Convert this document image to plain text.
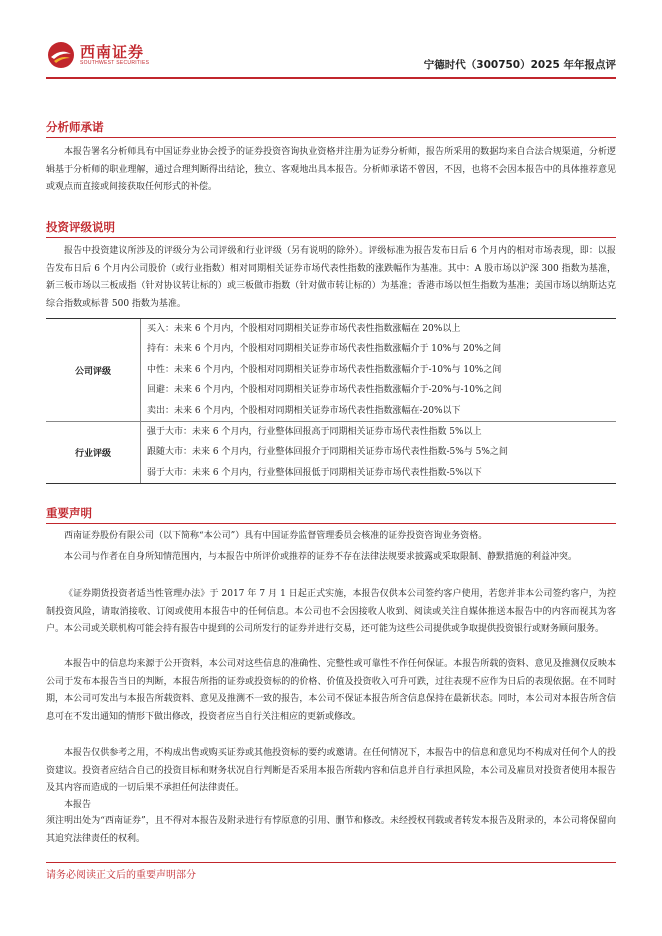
西南证券
SOUTHWEST SECURITIES	宁德时代（300750）2025 年年报点评
分析师承诺

本报告署名分析师具有中国证券业协会授予的证券投资咨询执业资格并注册为证券分析师，报告所采用的数据均来自合法合规渠道，分析逻辑基于分析师的职业理解，通过合理判断得出结论，独立、客观地出具本报告。分析师承诺不曾因，不因，也将不会因本报告中的具体推荐意见或观点而直接或间接获取任何形式的补偿。

投资评级说明

报告中投资建议所涉及的评级分为公司评级和行业评级（另有说明的除外）。评级标准为报告发布日后 6 个月内的相对市场表现，即：以报告发布日后 6 个月内公司股价（或行业指数）相对同期相关证券市场代表性指数的涨跌幅作为基准。其中：A 股市场以沪深 300 指数为基准，新三板市场以三板成指（针对协议转让标的）或三板做市指数（针对做市转让标的）为基准；香港市场以恒生指数为基准；美国市场以纳斯达克综合指数或标普 500 指数为基准。

公司评级
买入：未来 6 个月内，个股相对同期相关证券市场代表性指数涨幅在 20%以上
持有：未来 6 个月内，个股相对同期相关证券市场代表性指数涨幅介于 10%与 20%之间
中性：未来 6 个月内，个股相对同期相关证券市场代表性指数涨幅介于-10%与 10%之间
回避：未来 6 个月内，个股相对同期相关证券市场代表性指数涨幅介于-20%与-10%之间
卖出：未来 6 个月内，个股相对同期相关证券市场代表性指数涨幅在-20%以下
行业评级
强于大市：未来 6 个月内，行业整体回报高于同期相关证券市场代表性指数 5%以上
跟随大市：未来 6 个月内，行业整体回报介于同期相关证券市场代表性指数-5%与 5%之间
弱于大市：未来 6 个月内，行业整体回报低于同期相关证券市场代表性指数-5%以下
重要声明

西南证券股份有限公司（以下简称“本公司”）具有中国证券监督管理委员会核准的证券投资咨询业务资格。

本公司与作者在自身所知情范围内，与本报告中所评价或推荐的证券不存在法律法规要求披露或采取限制、静默措施的利益冲突。

《证券期货投资者适当性管理办法》于 2017 年 7 月 1 日起正式实施，本报告仅供本公司签约客户使用，若您并非本公司签约客户，为控制投资风险，请取消接收、订阅或使用本报告中的任何信息。本公司也不会因接收人收到、阅读或关注自媒体推送本报告中的内容而视其为客户。本公司或关联机构可能会持有报告中提到的公司所发行的证券并进行交易，还可能为这些公司提供或争取提供投资银行或财务顾问服务。

本报告中的信息均来源于公开资料，本公司对这些信息的准确性、完整性或可靠性不作任何保证。本报告所载的资料、意见及推测仅反映本公司于发布本报告当日的判断，本报告所指的证券或投资标的的价格、价值及投资收入可升可跌，过往表现不应作为日后的表现依据。在不同时期，本公司可发出与本报告所载资料、意见及推测不一致的报告，本公司不保证本报告所含信息保持在最新状态。同时，本公司对本报告所含信息可在不发出通知的情形下做出修改，投资者应当自行关注相应的更新或修改。

本报告仅供参考之用，不构成出售或购买证券或其他投资标的要约或邀请。在任何情况下，本报告中的信息和意见均不构成对任何个人的投资建议。投资者应结合自己的投资目标和财务状况自行判断是否采用本报告所载内容和信息并自行承担风险，本公司及雇员对投资者使用本报告及其内容而造成的一切后果不承担任何法律责任。

本报告

须注明出处为“西南证券”，且不得对本报告及附录进行有悖原意的引用、删节和修改。未经授权刊载或者转发本报告及附录的，本公司将保留向其追究法律责任的权利。

请务必阅读正文后的重要声明部分
